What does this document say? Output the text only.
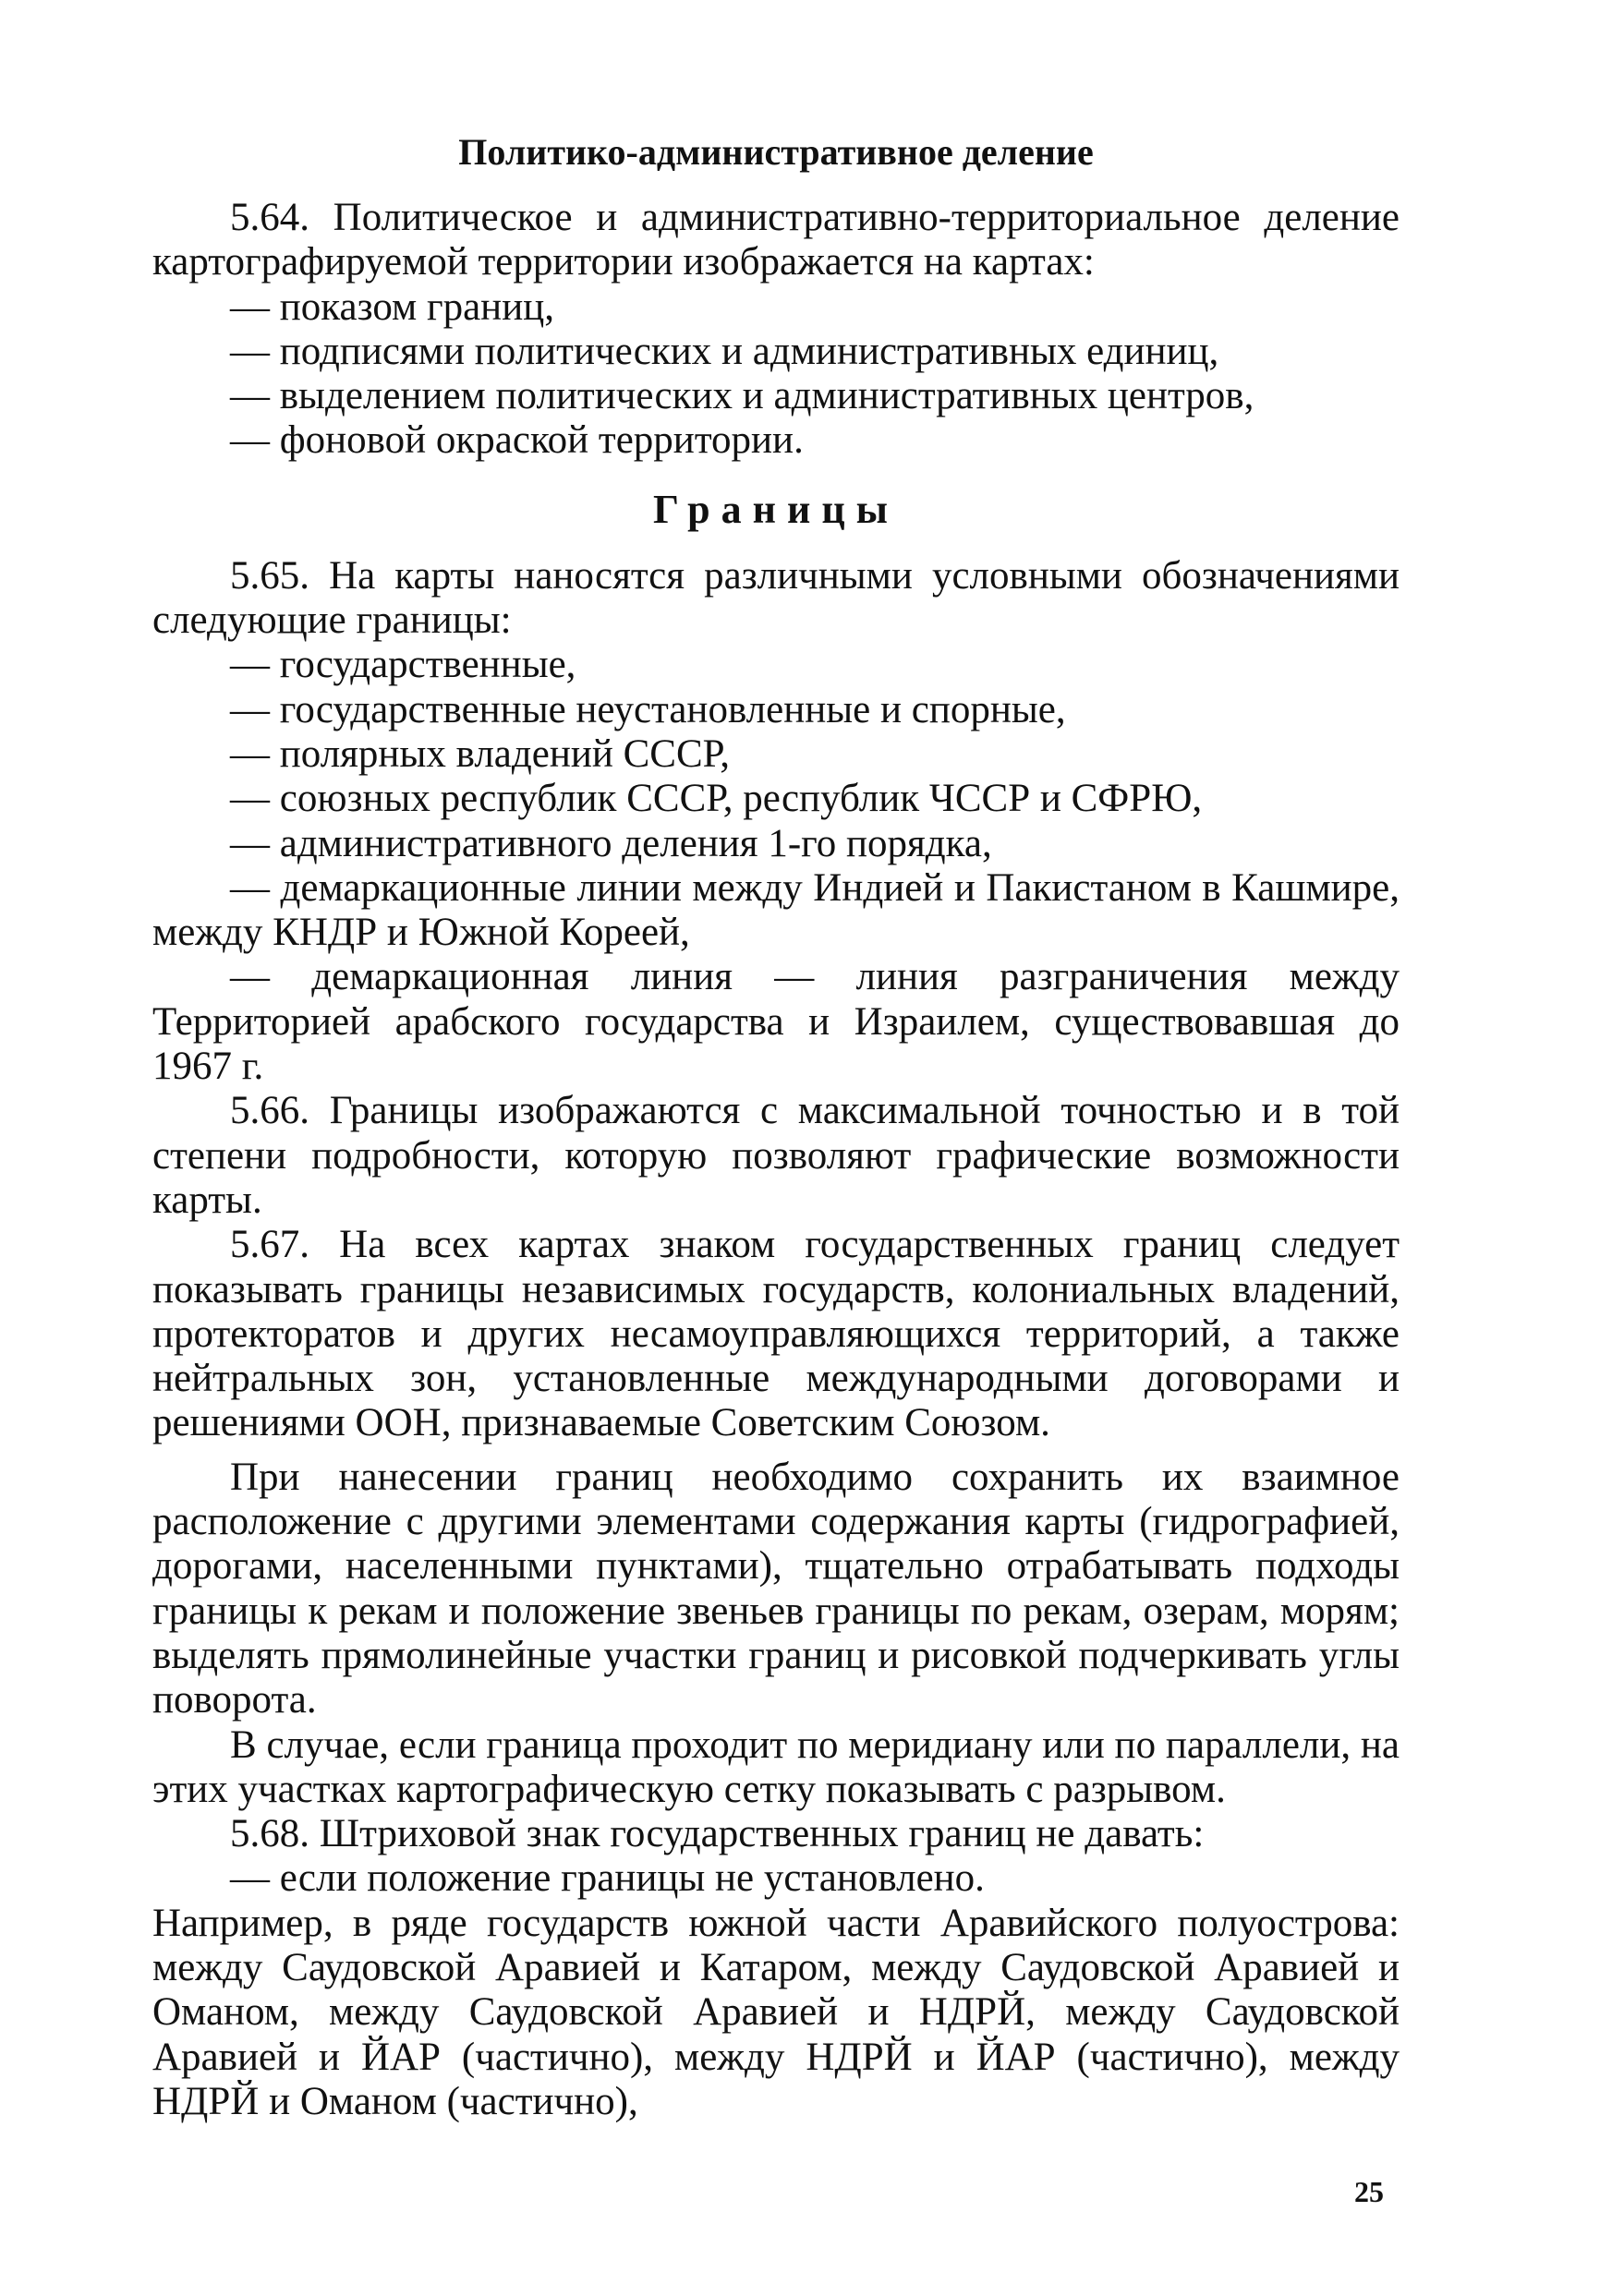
Политико-административное деление

5.64. Политическое и административно-территориальное деление картографируемой территории изображается на картах:

— показом границ,

— подписями политических и административных единиц,

— выделением политических и административных центров,

— фоновой окраской территории.

Границы

5.65. На карты наносятся различными условными обозначениями следующие границы:

— государственные,

— государственные неустановленные и спорные,

— полярных владений СССР,

— союзных республик СССР, республик ЧССР и СФРЮ,

— административного деления 1-го порядка,

— демаркационные линии между Индией и Пакистаном в Кашмире, между КНДР и Южной Кореей,

— демаркационная линия — линия разграничения между Территорией арабского государства и Израилем, существовавшая до 1967 г.

5.66. Границы изображаются с максимальной точностью и в той степени подробности, которую позволяют графические возможности карты.

5.67. На всех картах знаком государственных границ следует показывать границы независимых государств, колониальных владений, протекторатов и других несамоуправляющихся территорий, а также нейтральных зон, установленные международными договорами и решениями ООН, признаваемые Советским Союзом.

При нанесении границ необходимо сохранить их взаимное расположение с другими элементами содержания карты (гидрографией, дорогами, населенными пунктами), тщательно отрабатывать подходы границы к рекам и положение звеньев границы по рекам, озерам, морям; выделять прямолинейные участки границ и рисовкой подчеркивать углы поворота.

В случае, если граница проходит по меридиану или по параллели, на этих участках картографическую сетку показывать с разрывом.

5.68. Штриховой знак государственных границ не давать:

— если положение границы не установлено.

Например, в ряде государств южной части Аравийского полуострова: между Саудовской Аравией и Катаром, между Саудовской Аравией и Оманом, между Саудовской Аравией и НДРЙ, между Саудовской Аравией и ЙАР (частично), между НДРЙ и ЙАР (частично), между НДРЙ и Оманом (частично),

25
